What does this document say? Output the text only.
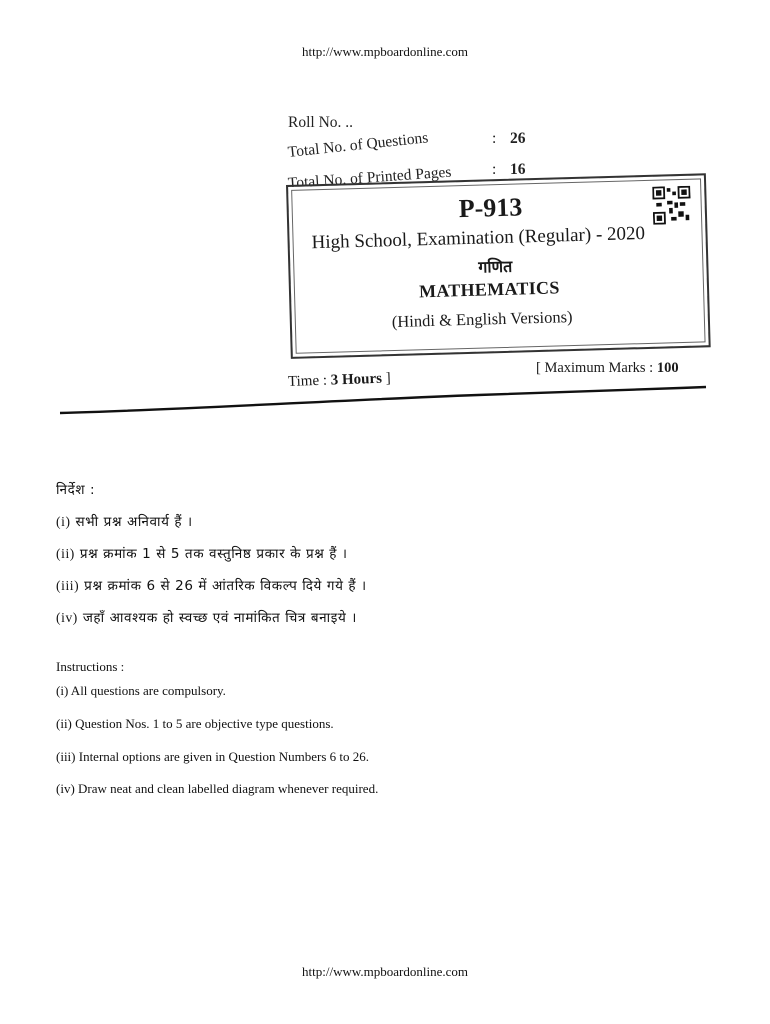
http://www.mpboardonline.com
Roll No. ..
Total No. of Questions	: 26
Total No. of Printed Pages	: 16
P-913
High School, Examination (Regular) - 2020
गणित
MATHEMATICS
(Hindi & English Versions)
[ Maximum Marks : 100
Time : 3 Hours ]
निर्देश :
(i) सभी प्रश्न अनिवार्य हैं ।
(ii) प्रश्न क्रमांक 1 से 5 तक वस्तुनिष्ठ प्रकार के प्रश्न हैं ।
(iii) प्रश्न क्रमांक 6 से 26 में आंतरिक विकल्प दिये गये हैं ।
(iv) जहाँ आवश्यक हो स्वच्छ एवं नामांकित चित्र बनाइये ।
Instructions :
(i) All questions are compulsory.
(ii) Question Nos. 1 to 5 are objective type questions.
(iii) Internal options are given in Question Numbers 6 to 26.
(iv) Draw neat and clean labelled diagram whenever required.
http://www.mpboardonline.com
